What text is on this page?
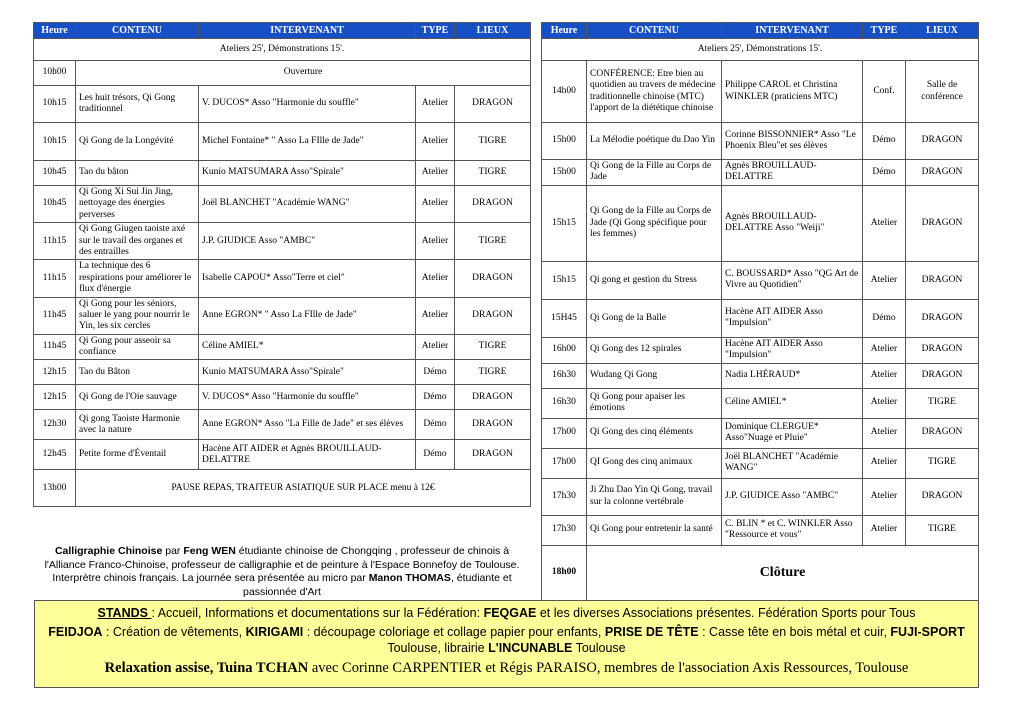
Heure	CONTENU	INTERVENANT	TYPE	LIEUX
Ateliers 25', Démonstrations 15'.				
10h00	Ouverture			
10h15	Les huit trésors, Qi Gong traditionnel	V. DUCOS* Asso "Harmonie du souffle"	Atelier	DRAGON
10h15	Qi Gong de la Longévité	Michel Fontaine* " Asso La FIlle de Jade"	Atelier	TIGRE
10h45	Tao du bâton	Kunio MATSUMARA Asso"Spirale"	Atelier	TIGRE
10h45	Qi Gong Xi Sui Jin Jing, nettoyage des énergies perverses	Joël BLANCHET "Académie WANG"	Atelier	DRAGON
11h15	Qi Gong Giugen taoiste axé sur le travail des organes et des entrailles	J.P. GIUDICE Asso "AMBC"	Atelier	TIGRE
11h15	La technique des 6 respirations pour améliorer le flux d'énergie	Isabelle CAPOU* Asso"Terre et ciel"	Atelier	DRAGON
11h45	Qi Gong pour les séniors, saluer le yang pour nourrir le Yin, les six cercles	Anne EGRON* " Asso La FIlle de Jade"	Atelier	DRAGON
11h45	Qi Gong pour asseoir sa confiance	Céline AMIEL*	Atelier	TIGRE
12h15	Tao du Bâton	Kunio MATSUMARA Asso"Spirale"	Démo	TIGRE
12h15	Qi Gong de l'Oie sauvage	V. DUCOS* Asso "Harmonie du souffle"	Démo	DRAGON
12h30	Qi gong Taoiste Harmonie avec la nature	Anne EGRON* Asso "La Fille de Jade" et ses élèves	Démo	DRAGON
12h45	Petite forme d'Éventail	Hacène AIT AIDER et Agnès BROUILLAUD-DELATTRE	Démo	DRAGON
13h00	PAUSE REPAS, TRAITEUR ASIATIQUE SUR PLACE menu à 12€			
Heure	CONTENU	INTERVENANT	TYPE	LIEUX
Ateliers 25', Démonstrations 15'.				
14h00	CONFÉRENCE: Etre bien au quotidien au travers de médecine traditionnelle chinoise (MTC) l'apport de la diététique chinoise	Philippe CAROL et Christina WINKLER (praticiens MTC)	Conf.	Salle de conférence
15h00	La Mélodie poétique du Dao Yin	Corinne BISSONNIER* Asso "Le Phoenix Bleu"et ses élèves	Démo	DRAGON
15h00	Qi Gong de la Fille au Corps de Jade	Agnès BROUILLAUD-DELATTRE	Démo	DRAGON
15h15	Qi Gong de la Fille au Corps de Jade (Qi Gong spécifique pour les femmes)	Agnès BROUILLAUD-DELATTRE Asso "Weiji"	Atelier	DRAGON
15h15	Qi gong et gestion du Stress	C. BOUSSARD* Asso "QG Art de Vivre au Quotidien"	Atelier	DRAGON
15H45	Qi Gong de la Balle	Hacène AIT AIDER Asso "Impulsion"	Démo	DRAGON
16h00	Qi Gong des 12 spirales	Hacène AIT AIDER Asso "Impulsion"	Atelier	DRAGON
16h30	Wudang Qi Gong	Nadia LHÉRAUD*	Atelier	DRAGON
16h30	Qi Gong pour apaiser les émotions	Céline AMIEL*	Atelier	TIGRE
17h00	Qi Gong des cinq éléments	Dominique CLERGUE* Asso"Nuage et Pluie"	Atelier	DRAGON
17h00	QI Gong des cinq animaux	Joël BLANCHET "Académie WANG"	Atelier	TIGRE
17h30	Ji Zhu Dao Yin Qi Gong, travail sur la colonne vertébrale	J.P. GIUDICE Asso "AMBC"	Atelier	DRAGON
17h30	Qi Gong pour entretenir la santé	C. BLIN * et C. WINKLER Asso "Ressource et vous"	Atelier	TIGRE
18h00	Clôture			
Calligraphie Chinoise par Feng WEN étudiante chinoise de Chongqing , professeur de chinois à l'Alliance Franco-Chinoise, professeur de calligraphie et de peinture à l'Espace Bonnefoy de Toulouse. Interprètre chinois français. La journée sera présentée au micro par Manon THOMAS, étudiante et passionnée d'Art

STANDS : Accueil, Informations et documentations sur la Fédération: FEQGAE et les diverses Associations présentes. Fédération Sports pour Tous

FEIDJOA : Création de vêtements, KIRIGAMI : découpage coloriage et collage papier pour enfants, PRISE DE TÊTE : Casse tête en bois métal et cuir, FUJI-SPORT Toulouse, librairie L'INCUNABLE Toulouse

Relaxation assise, Tuina TCHAN avec Corinne CARPENTIER et Régis PARAISO, membres de l'association Axis Ressources, Toulouse
